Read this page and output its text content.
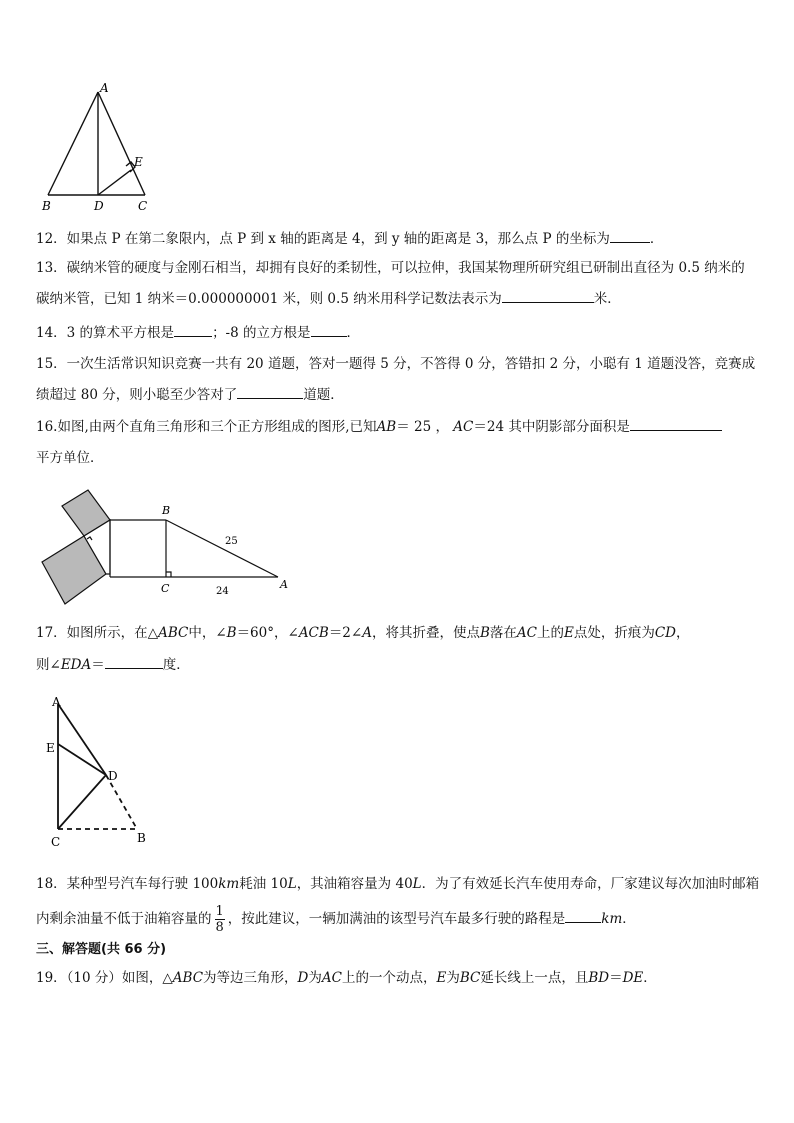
A
B	D	C
E
12．如果点 P 在第二象限内，点 P 到 x 轴的距离是 4，到 y 轴的距离是 3，那么点 P 的坐标为	．
13．碳纳米管的硬度与金刚石相当，却拥有良好的柔韧性，可以拉伸，我国某物理所研究组已研制出直径为 0.5 纳米的
碳纳米管，已知 1 纳米＝0.000000001 米，则 0.5 纳米用科学记数法表示为	米．
14．3 的算术平方根是	；-8 的立方根是	．
15．一次生活常识知识竞赛一共有 20 道题，答对一题得 5 分，不答得 0 分，答错扣 2 分，小聪有 1 道题没答，竞赛成
绩超过 80 分，则小聪至少答对了	道题．
16.如图,由两个直角三角形和三个正方形组成的图形,已知AB＝ 25 ， AC＝24 其中阴影部分面积是
平方单位．
B
C	A
25
24
17．如图所示，在△ABC中，∠B＝60°，∠ACB＝2∠A，将其折叠，使点B落在AC上的E点处，折痕为CD，
则∠EDA＝	度．
A
E
D
C	B
18．某种型号汽车每行驶 100km耗油 10L，其油箱容量为 40L．为了有效延长汽车使用寿命，厂家建议每次加油时邮箱
内剩余油量不低于油箱容量的 $\frac{1}{8}$ ，按此建议，一辆加满油的该型号汽车最多行驶的路程是	km．
三、解答题(共 66 分)
19．（10 分）如图，△ABC为等边三角形，D为AC上的一个动点，E为BC延长线上一点，且BD＝DE．
